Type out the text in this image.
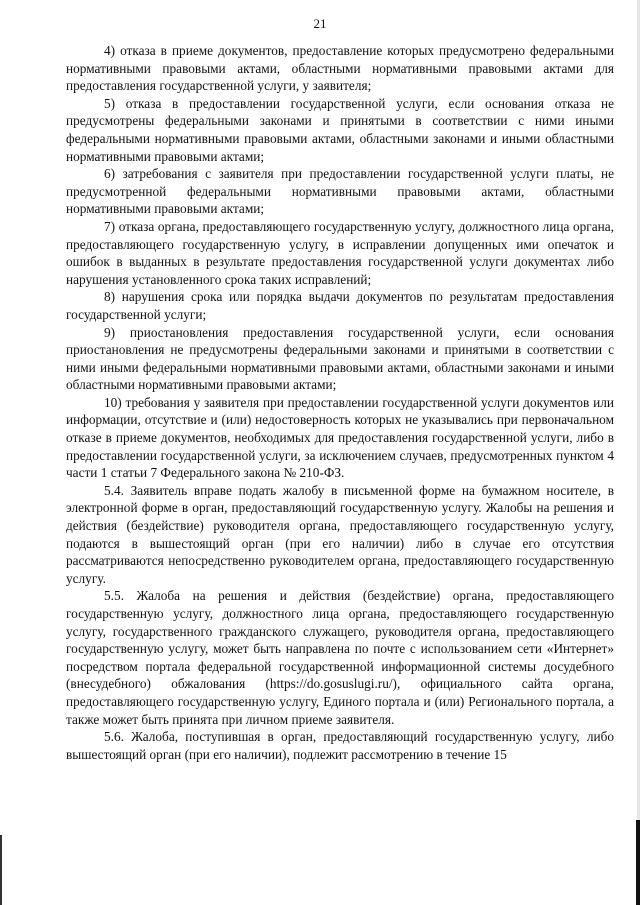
21

4) отказа в приеме документов, предоставление которых предусмотрено федеральными нормативными правовыми актами, областными нормативными правовыми актами для предоставления государственной услуги, у заявителя;

5) отказа в предоставлении государственной услуги, если основания отказа не предусмотрены федеральными законами и принятыми в соответствии с ними иными федеральными нормативными правовыми актами, областными законами и иными областными нормативными правовыми актами;

6) затребования с заявителя при предоставлении государственной услуги платы, не предусмотренной федеральными нормативными правовыми актами, областными нормативными правовыми актами;

7) отказа органа, предоставляющего государственную услугу, должностного лица органа, предоставляющего государственную услугу, в исправлении допущенных ими опечаток и ошибок в выданных в результате предоставления государственной услуги документах либо нарушения установленного срока таких исправлений;

8) нарушения срока или порядка выдачи документов по результатам предоставления государственной услуги;

9) приостановления предоставления государственной услуги, если основания приостановления не предусмотрены федеральными законами и принятыми в соответствии с ними иными федеральными нормативными правовыми актами, областными законами и иными областными нормативными правовыми актами;

10) требования у заявителя при предоставлении государственной услуги документов или информации, отсутствие и (или) недостоверность которых не указывались при первоначальном отказе в приеме документов, необходимых для предоставления государственной услуги, либо в предоставлении государственной услуги, за исключением случаев, предусмотренных пунктом 4 части 1 статьи 7 Федерального закона № 210-ФЗ.

5.4. Заявитель вправе подать жалобу в письменной форме на бумажном носителе, в электронной форме в орган, предоставляющий государственную услугу. Жалобы на решения и действия (бездействие) руководителя органа, предоставляющего государственную услугу, подаются в вышестоящий орган (при его наличии) либо в случае его отсутствия рассматриваются непосредственно руководителем органа, предоставляющего государственную услугу.

5.5. Жалоба на решения и действия (бездействие) органа, предоставляющего государственную услугу, должностного лица органа, предоставляющего государственную услугу, государственного гражданского служащего, руководителя органа, предоставляющего государственную услугу, может быть направлена по почте с использованием сети «Интернет» посредством портала федеральной государственной информационной системы досудебного (внесудебного) обжалования (https://do.gosuslugi.ru/), официального сайта органа, предоставляющего государственную услугу, Единого портала и (или) Регионального портала, а также может быть принята при личном приеме заявителя.

5.6. Жалоба, поступившая в орган, предоставляющий государственную услугу, либо вышестоящий орган (при его наличии), подлежит рассмотрению в течение 15
